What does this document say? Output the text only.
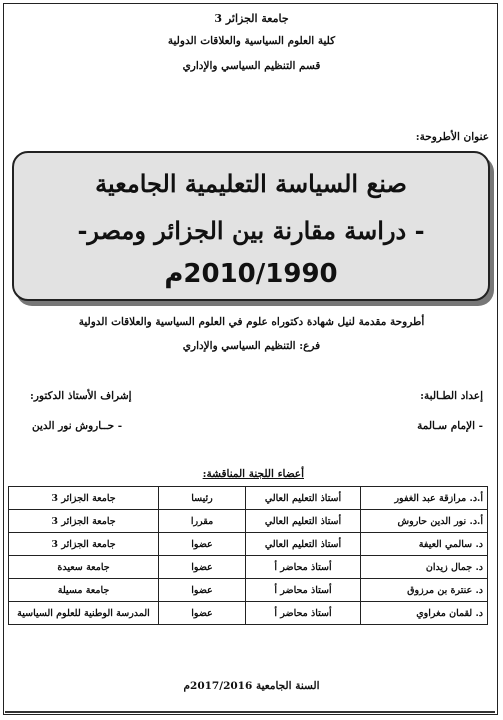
جامعة الجزائر 3
كلية العلوم السياسية والعلاقات الدولية
قسم التنظيم السياسي والإداري
عنوان الأطروحة:
صنع السياسة التعليمية الجامعية
- دراسة مقارنة بين الجزائر ومصر-
2010/1990م
أطروحة مقدمة لنيل شهادة دكتوراه علوم في العلوم السياسية والعلاقات الدولية
فرع: التنظيم السياسي والإداري
إعداد الطـالبة:
إشراف الأستاذ الدكتور:
- الإمام سـالمة
- حــاروش نور الدين
أعضاء اللجنة المناقشة:
أ.د. مرازقة عبد الغفور	أستاذ التعليم العالي	رئيسا	جامعة الجزائر 3
أ.د. نور الدين حاروش	أستاذ التعليم العالي	مقررا	جامعة الجزائر 3
د. سالمي العيفة	أستاذ التعليم العالي	عضوا	جامعة الجزائر 3
د. جمال زيدان	أستاذ محاضر أ	عضوا	جامعة سعيدة
د. عنترة بن مرزوق	أستاذ محاضر أ	عضوا	جامعة مسيلة
د. لقمان مغراوي	أستاذ محاضر أ	عضوا	المدرسة الوطنية للعلوم السياسية
السنة الجامعية 2017/2016م
